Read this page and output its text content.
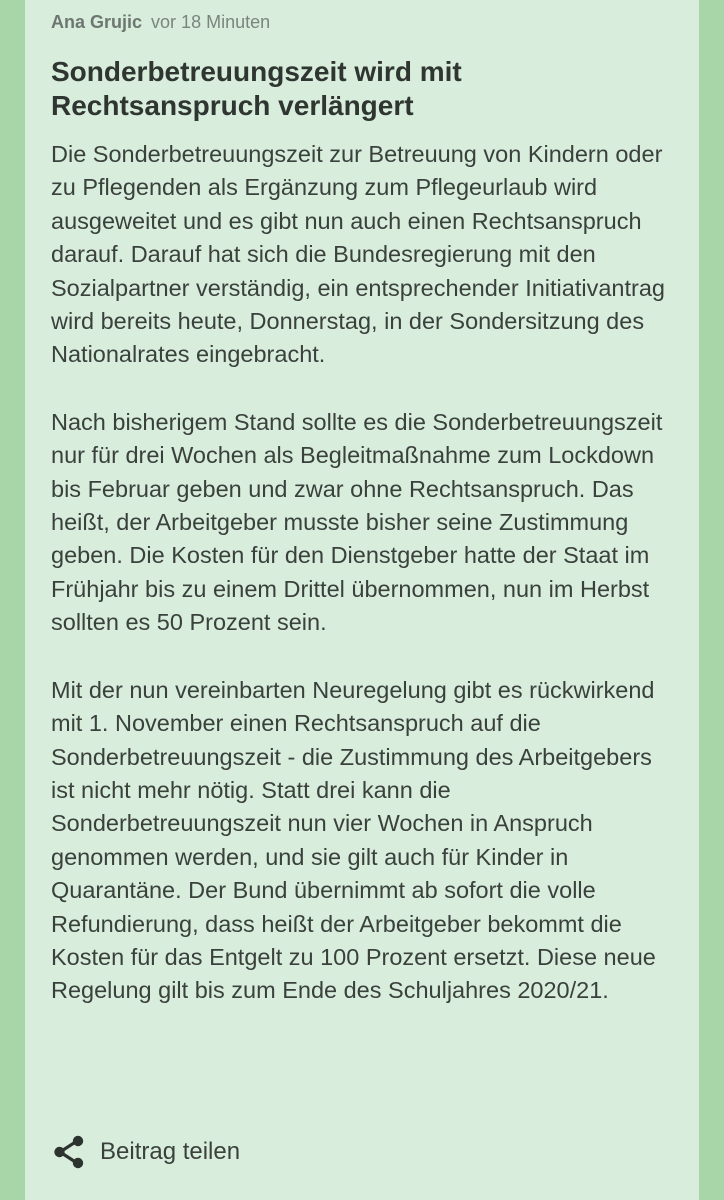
Ana Grujic vor 18 Minuten
Sonderbetreuungszeit wird mit Rechtsanspruch verlängert

Die Sonderbetreuungszeit zur Betreuung von Kindern oder zu Pflegenden als Ergänzung zum Pflegeurlaub wird ausgeweitet und es gibt nun auch einen Rechtsanspruch darauf. Darauf hat sich die Bundesregierung mit den Sozialpartner verständig, ein entsprechender Initiativantrag wird bereits heute, Donnerstag, in der Sondersitzung des Nationalrates eingebracht.

Nach bisherigem Stand sollte es die Sonderbetreuungszeit nur für drei Wochen als Begleitmaßnahme zum Lockdown bis Februar geben und zwar ohne Rechtsanspruch. Das heißt, der Arbeitgeber musste bisher seine Zustimmung geben. Die Kosten für den Dienstgeber hatte der Staat im Frühjahr bis zu einem Drittel übernommen, nun im Herbst sollten es 50 Prozent sein.

Mit der nun vereinbarten Neuregelung gibt es rückwirkend mit 1. November einen Rechtsanspruch auf die Sonderbetreuungszeit - die Zustimmung des Arbeitgebers ist nicht mehr nötig. Statt drei kann die Sonderbetreuungszeit nun vier Wochen in Anspruch genommen werden, und sie gilt auch für Kinder in Quarantäne. Der Bund übernimmt ab sofort die volle Refundierung, dass heißt der Arbeitgeber bekommt die Kosten für das Entgelt zu 100 Prozent ersetzt. Diese neue Regelung gilt bis zum Ende des Schuljahres 2020/21.

Beitrag teilen
